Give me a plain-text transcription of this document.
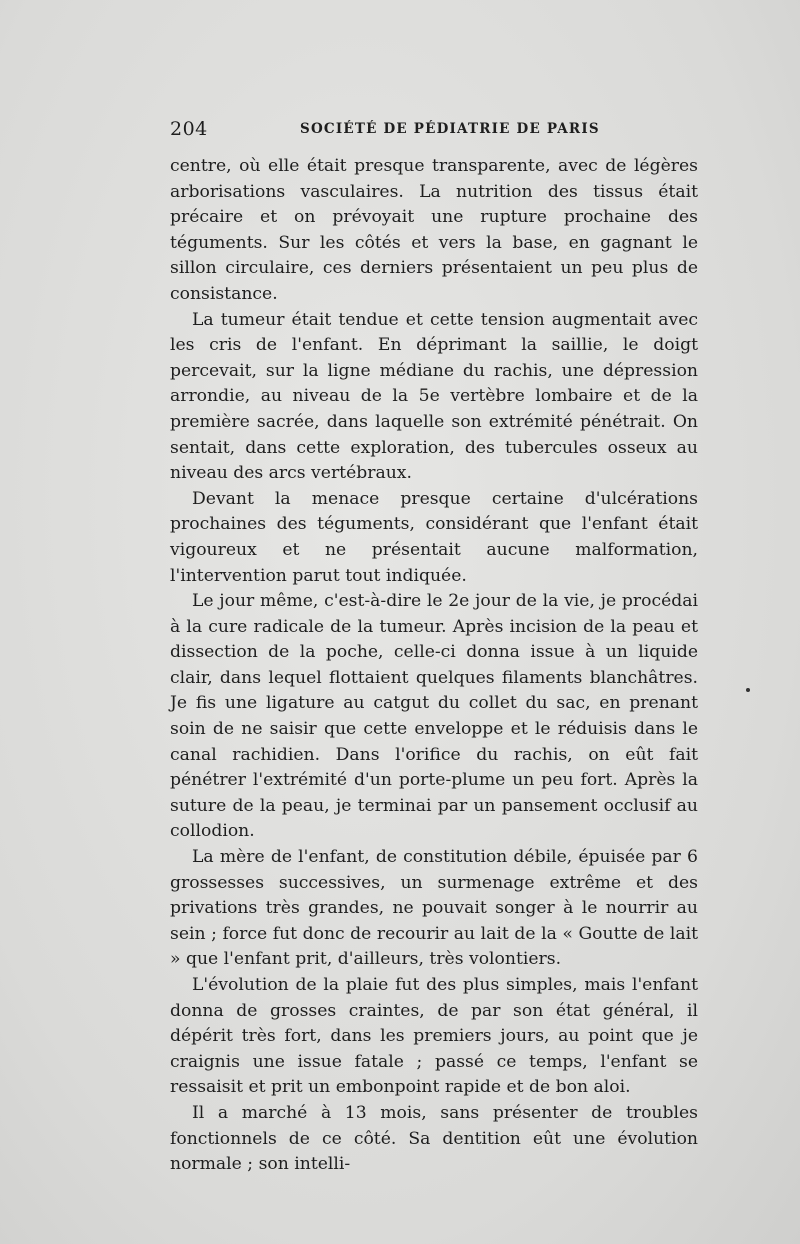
204	SOCIÉTÉ DE PÉDIATRIE DE PARIS

centre, où elle était presque transparente, avec de légères arborisations vasculaires. La nutrition des tissus était précaire et on prévoyait une rupture prochaine des téguments. Sur les côtés et vers la base, en gagnant le sillon circulaire, ces derniers présentaient un peu plus de consistance.

La tumeur était tendue et cette tension augmentait avec les cris de l'enfant. En déprimant la saillie, le doigt percevait, sur la ligne médiane du rachis, une dépression arrondie, au niveau de la 5e vertèbre lombaire et de la première sacrée, dans laquelle son extrémité pénétrait. On sentait, dans cette exploration, des tubercules osseux au niveau des arcs vertébraux.

Devant la menace presque certaine d'ulcérations prochaines des téguments, considérant que l'enfant était vigoureux et ne présentait aucune malformation, l'intervention parut tout indiquée.

Le jour même, c'est-à-dire le 2e jour de la vie, je procédai à la cure radicale de la tumeur. Après incision de la peau et dissection de la poche, celle-ci donna issue à un liquide clair, dans lequel flottaient quelques filaments blanchâtres. Je fis une ligature au catgut du collet du sac, en prenant soin de ne saisir que cette enveloppe et le réduisis dans le canal rachidien. Dans l'orifice du rachis, on eût fait pénétrer l'extrémité d'un porte-plume un peu fort. Après la suture de la peau, je terminai par un pansement occlusif au collodion.

La mère de l'enfant, de constitution débile, épuisée par 6 grossesses successives, un surmenage extrême et des privations très grandes, ne pouvait songer à le nourrir au sein ; force fut donc de recourir au lait de la « Goutte de lait » que l'enfant prit, d'ailleurs, très volontiers.

L'évolution de la plaie fut des plus simples, mais l'enfant donna de grosses craintes, de par son état général, il dépérit très fort, dans les premiers jours, au point que je craignis une issue fatale ; passé ce temps, l'enfant se ressaisit et prit un embonpoint rapide et de bon aloi.

Il a marché à 13 mois, sans présenter de troubles fonctionnels de ce côté. Sa dentition eût une évolution normale ; son intelli-
